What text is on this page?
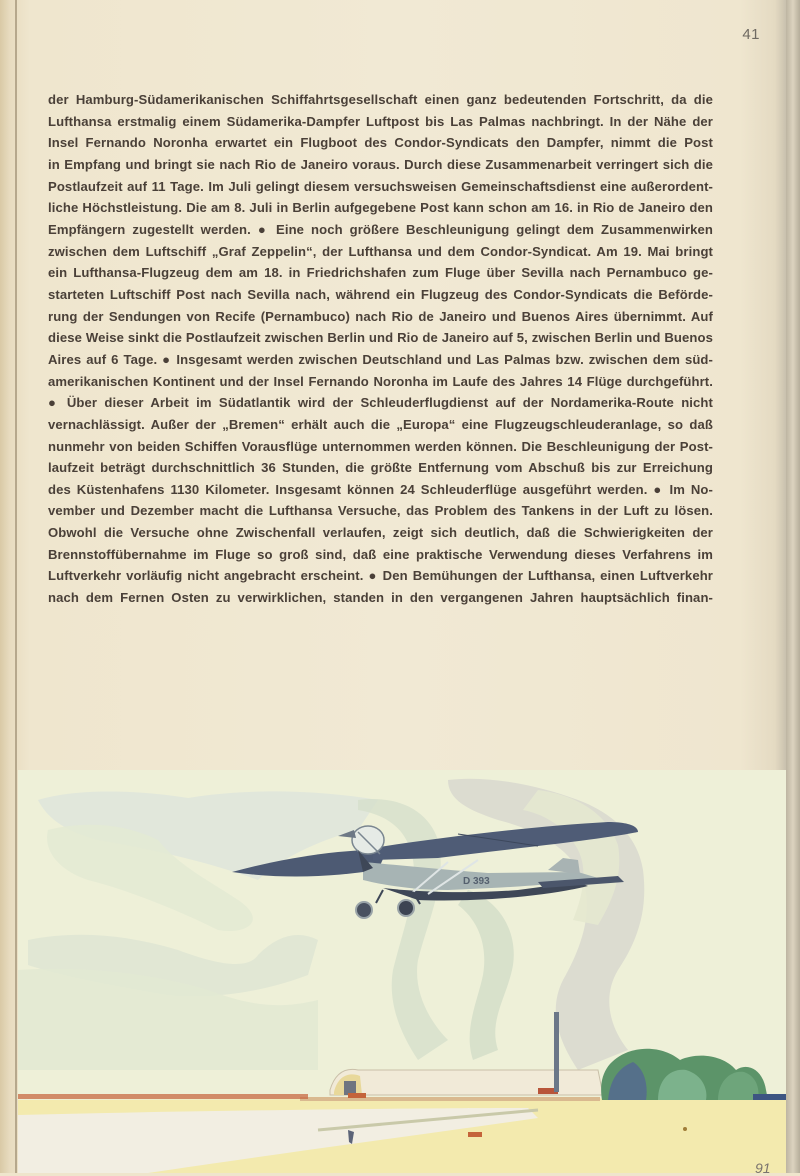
41
der Hamburg-Südamerikanischen Schiffahrtsgesellschaft einen ganz bedeutenden Fortschritt, da die
Lufthansa erstmalig einem Südamerika-Dampfer Luftpost bis Las Palmas nachbringt. In der Nähe der
Insel Fernando Noronha erwartet ein Flugboot des Condor-Syndicats den Dampfer, nimmt die Post
in Empfang und bringt sie nach Rio de Janeiro voraus. Durch diese Zusammenarbeit verringert sich die
Postlaufzeit auf 11 Tage. Im Juli gelingt diesem versuchsweisen Gemeinschaftsdienst eine außerordent-
liche Höchstleistung. Die am 8. Juli in Berlin aufgegebene Post kann schon am 16. in Rio de Janeiro den
Empfängern zugestellt werden. ● Eine noch größere Beschleunigung gelingt dem Zusammenwirken
zwischen dem Luftschiff „Graf Zeppelin“, der Lufthansa und dem Condor-Syndicat. Am 19. Mai bringt
ein Lufthansa-Flugzeug dem am 18. in Friedrichshafen zum Fluge über Sevilla nach Pernambuco ge-
starteten Luftschiff Post nach Sevilla nach, während ein Flugzeug des Condor-Syndicats die Beförde-
rung der Sendungen von Recife (Pernambuco) nach Rio de Janeiro und Buenos Aires übernimmt. Auf
diese Weise sinkt die Postlaufzeit zwischen Berlin und Rio de Janeiro auf 5, zwischen Berlin und Buenos
Aires auf 6 Tage. ● Insgesamt werden zwischen Deutschland und Las Palmas bzw. zwischen dem süd-
amerikanischen Kontinent und der Insel Fernando Noronha im Laufe des Jahres 14 Flüge durchgeführt.
● Über dieser Arbeit im Südatlantik wird der Schleuderflugdienst auf der Nordamerika-Route nicht
vernachlässigt. Außer der „Bremen“ erhält auch die „Europa“ eine Flugzeugschleuderanlage, so daß
nunmehr von beiden Schiffen Vorausflüge unternommen werden können. Die Beschleunigung der Post-
laufzeit beträgt durchschnittlich 36 Stunden, die größte Entfernung vom Abschuß bis zur Erreichung
des Küstenhafens 1130 Kilometer. Insgesamt können 24 Schleuderflüge ausgeführt werden. ● Im No-
vember und Dezember macht die Lufthansa Versuche, das Problem des Tankens in der Luft zu lösen.
Obwohl die Versuche ohne Zwischenfall verlaufen, zeigt sich deutlich, daß die Schwierigkeiten der
Brennstoffübernahme im Fluge so groß sind, daß eine praktische Verwendung dieses Verfahrens im
Luftverkehr vorläufig nicht angebracht erscheint. ● Den Bemühungen der Lufthansa, einen Luftverkehr
nach dem Fernen Osten zu verwirklichen, standen in den vergangenen Jahren hauptsächlich finan-
D 393
91
